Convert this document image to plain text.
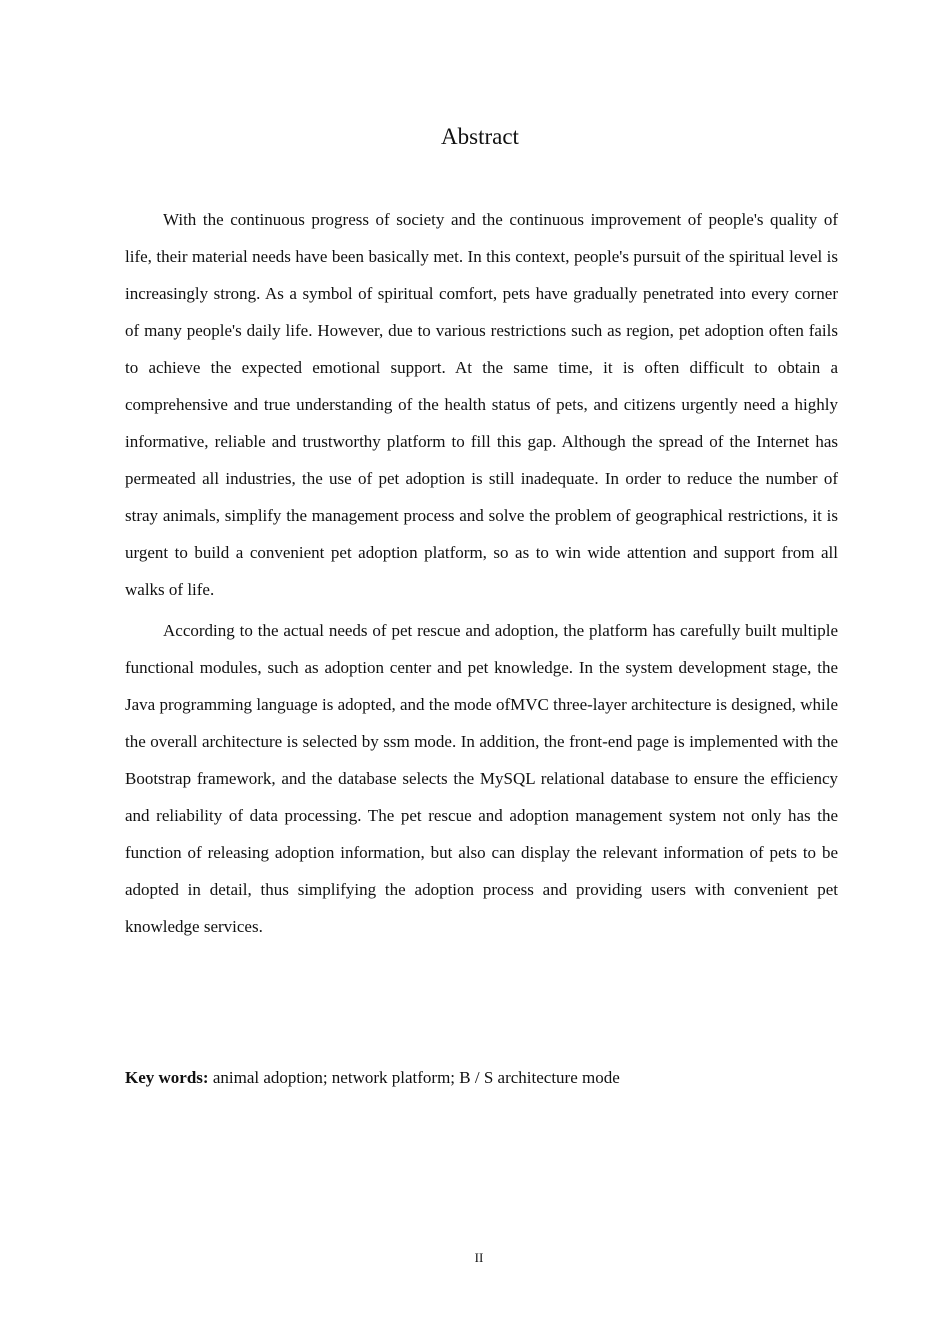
Abstract

With the continuous progress of society and the continuous improvement of people's quality of life, their material needs have been basically met. In this context, people's pursuit of the spiritual level is increasingly strong. As a symbol of spiritual comfort, pets have gradually penetrated into every corner of many people's daily life. However, due to various restrictions such as region, pet adoption often fails to achieve the expected emotional support. At the same time, it is often difficult to obtain a comprehensive and true understanding of the health status of pets, and citizens urgently need a highly informative, reliable and trustworthy platform to fill this gap. Although the spread of the Internet has permeated all industries, the use of pet adoption is still inadequate. In order to reduce the number of stray animals, simplify the management process and solve the problem of geographical restrictions, it is urgent to build a convenient pet adoption platform, so as to win wide attention and support from all walks of life.

According to the actual needs of pet rescue and adoption, the platform has carefully built multiple functional modules, such as adoption center and pet knowledge. In the system development stage, the Java programming language is adopted, and the mode ofMVC three-layer architecture is designed, while the overall architecture is selected by ssm mode. In addition, the front-end page is implemented with the Bootstrap framework, and the database selects the MySQL relational database to ensure the efficiency and reliability of data processing. The pet rescue and adoption management system not only has the function of releasing adoption information, but also can display the relevant information of pets to be adopted in detail, thus simplifying the adoption process and providing users with convenient pet knowledge services.

Key words: animal adoption; network platform; B / S architecture mode
II
